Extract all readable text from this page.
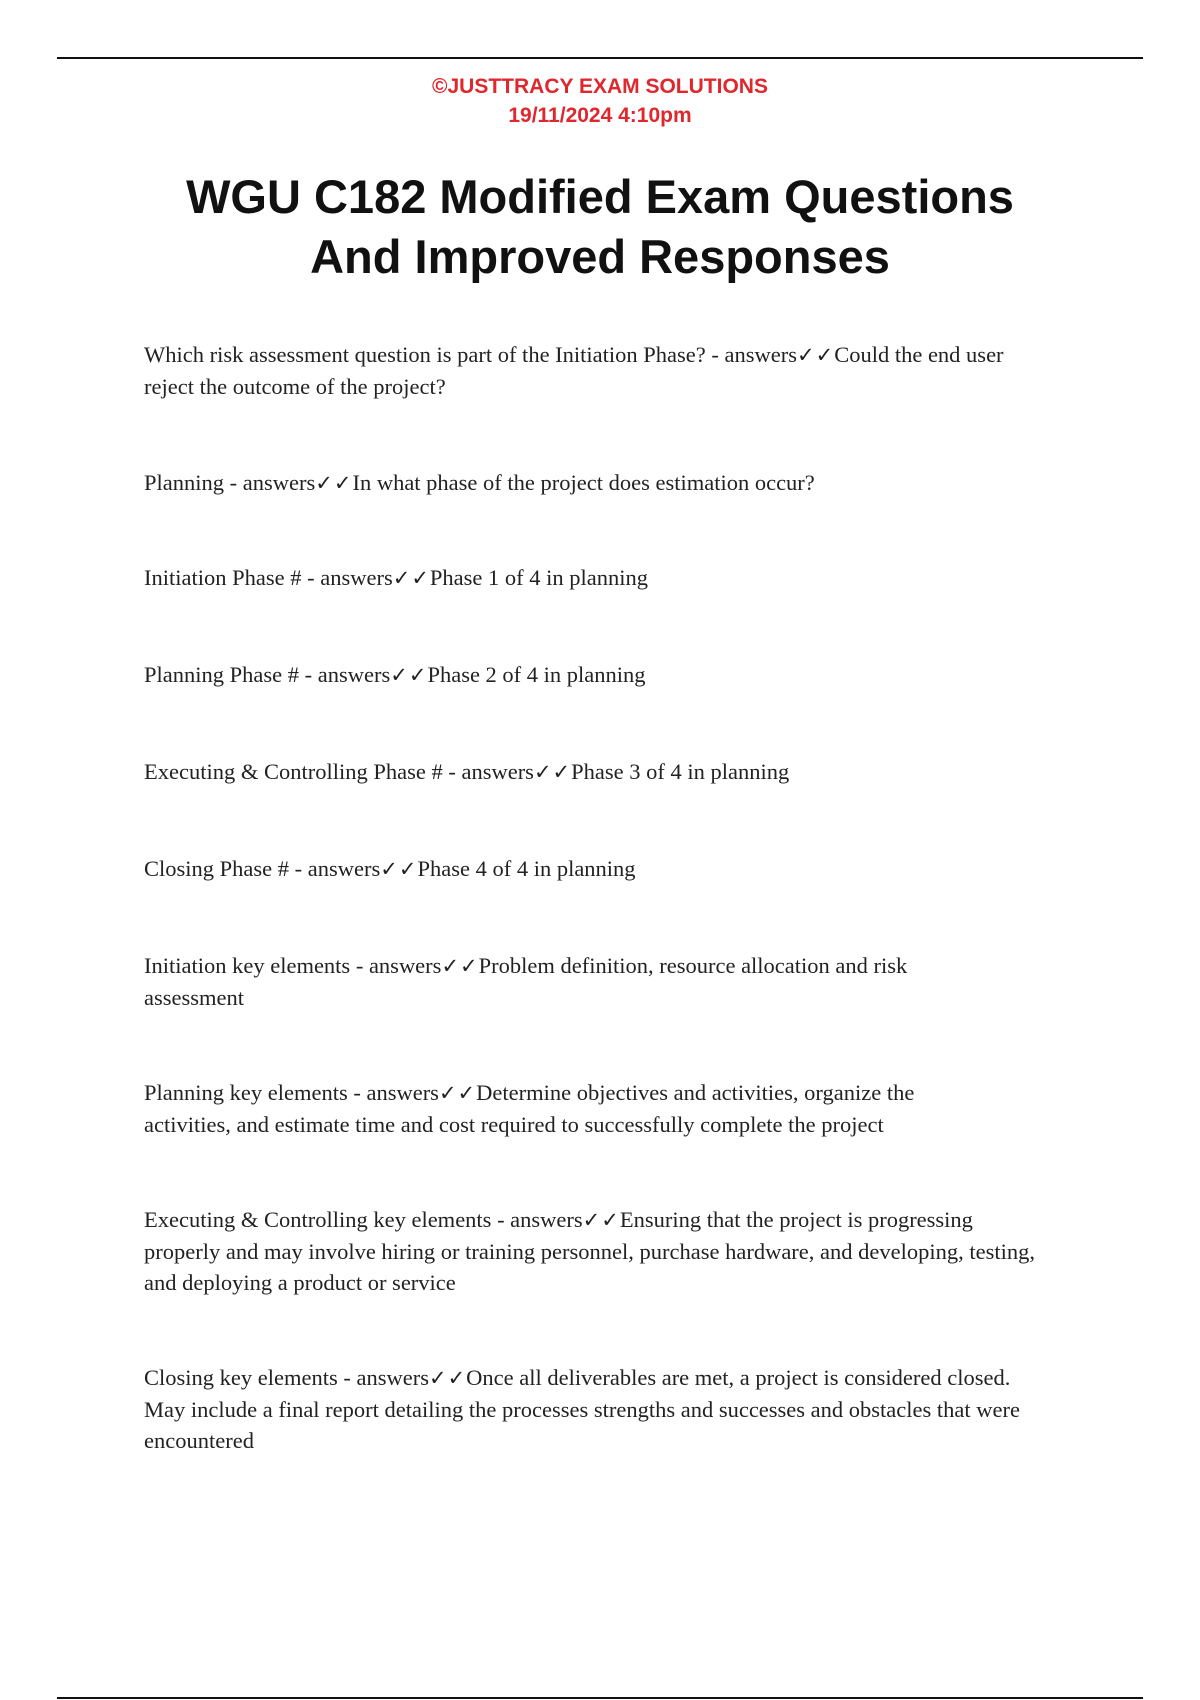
©JUSTTRACY EXAM SOLUTIONS
19/11/2024 4:10pm
WGU C182 Modified Exam Questions
And Improved Responses

Which risk assessment question is part of the Initiation Phase? - answers✓✓Could the end user reject the outcome of the project?

Planning - answers✓✓In what phase of the project does estimation occur?

Initiation Phase # - answers✓✓Phase 1 of 4 in planning

Planning Phase # - answers✓✓Phase 2 of 4 in planning

Executing & Controlling Phase # - answers✓✓Phase 3 of 4 in planning

Closing Phase # - answers✓✓Phase 4 of 4 in planning

Initiation key elements - answers✓✓Problem definition, resource allocation and risk assessment

Planning key elements - answers✓✓Determine objectives and activities, organize the activities, and estimate time and cost required to successfully complete the project

Executing & Controlling key elements - answers✓✓Ensuring that the project is progressing properly and may involve hiring or training personnel, purchase hardware, and developing, testing, and deploying a product or service

Closing key elements - answers✓✓Once all deliverables are met, a project is considered closed. May include a final report detailing the processes strengths and successes and obstacles that were encountered
